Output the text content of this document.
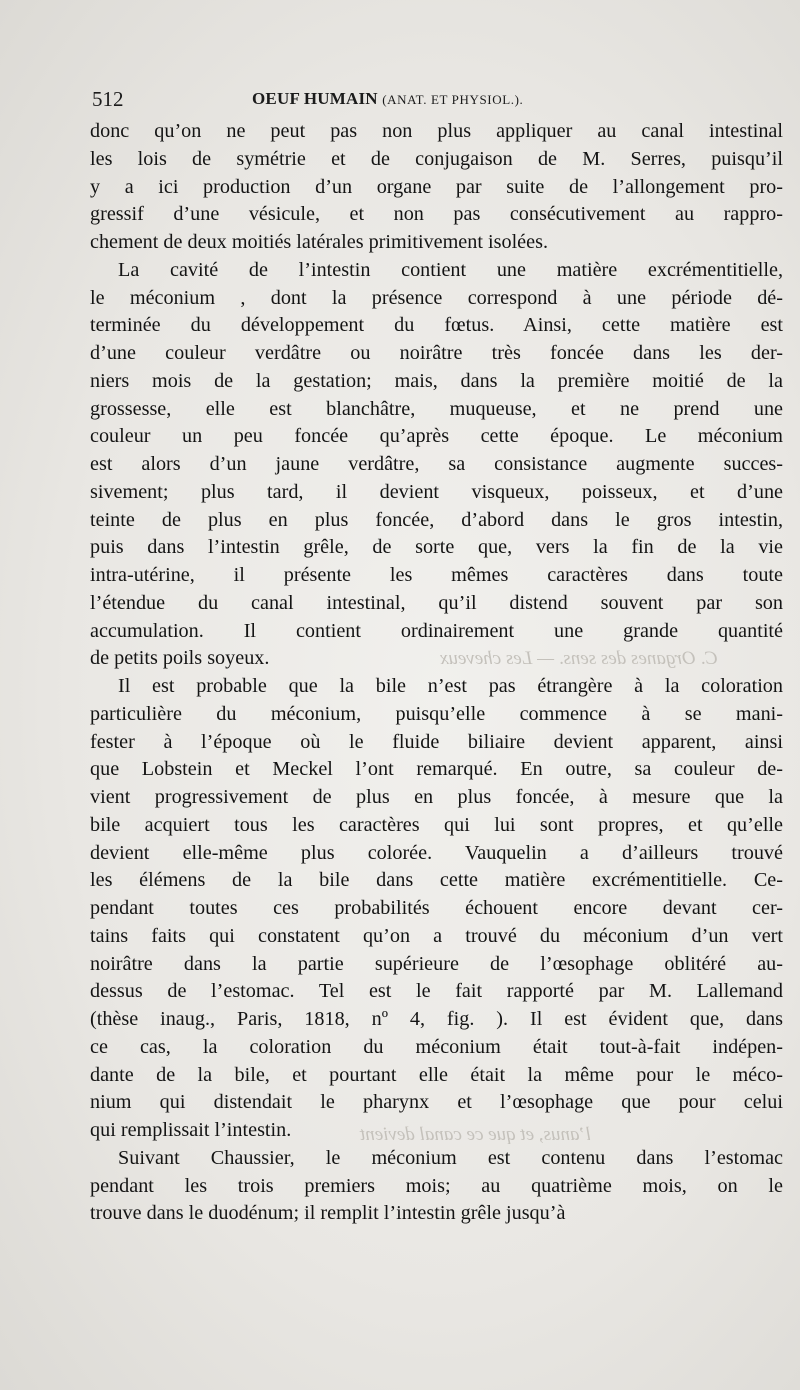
C. Organes des sens. — Les cheveux
l’anus, et que ce canal devient
512	OEUF HUMAIN (ANAT. ET PHYSIOL.).
donc qu’on ne peut pas non plus appliquer au canal intestinal
les lois de symétrie et de conjugaison de M. Serres, puisqu’il
y a ici production d’un organe par suite de l’allongement pro-
gressif d’une vésicule, et non pas consécutivement au rappro-
chement de deux moitiés latérales primitivement isolées.
La cavité de l’intestin contient une matière excrémentitielle,
le méconium , dont la présence correspond à une période dé-
terminée du développement du fœtus. Ainsi, cette matière est
d’une couleur verdâtre ou noirâtre très foncée dans les der-
niers mois de la gestation; mais, dans la première moitié de la
grossesse, elle est blanchâtre, muqueuse, et ne prend une
couleur un peu foncée qu’après cette époque. Le méconium
est alors d’un jaune verdâtre, sa consistance augmente succes-
sivement; plus tard, il devient visqueux, poisseux, et d’une
teinte de plus en plus foncée, d’abord dans le gros intestin,
puis dans l’intestin grêle, de sorte que, vers la fin de la vie
intra-utérine, il présente les mêmes caractères dans toute
l’étendue du canal intestinal, qu’il distend souvent par son
accumulation. Il contient ordinairement une grande quantité
de petits poils soyeux.
Il est probable que la bile n’est pas étrangère à la coloration
particulière du méconium, puisqu’elle commence à se mani-
fester à l’époque où le fluide biliaire devient apparent, ainsi
que Lobstein et Meckel l’ont remarqué. En outre, sa couleur de-
vient progressivement de plus en plus foncée, à mesure que la
bile acquiert tous les caractères qui lui sont propres, et qu’elle
devient elle-même plus colorée. Vauquelin a d’ailleurs trouvé
les élémens de la bile dans cette matière excrémentitielle. Ce-
pendant toutes ces probabilités échouent encore devant cer-
tains faits qui constatent qu’on a trouvé du méconium d’un vert
noirâtre dans la partie supérieure de l’œsophage oblitéré au-
dessus de l’estomac. Tel est le fait rapporté par M. Lallemand
(thèse inaug., Paris, 1818, nº 4, fig. ). Il est évident que, dans
ce cas, la coloration du méconium était tout-à-fait indépen-
dante de la bile, et pourtant elle était la même pour le méco-
nium qui distendait le pharynx et l’œsophage que pour celui
qui remplissait l’intestin.
Suivant Chaussier, le méconium est contenu dans l’estomac
pendant les trois premiers mois; au quatrième mois, on le
trouve dans le duodénum; il remplit l’intestin grêle jusqu’à
